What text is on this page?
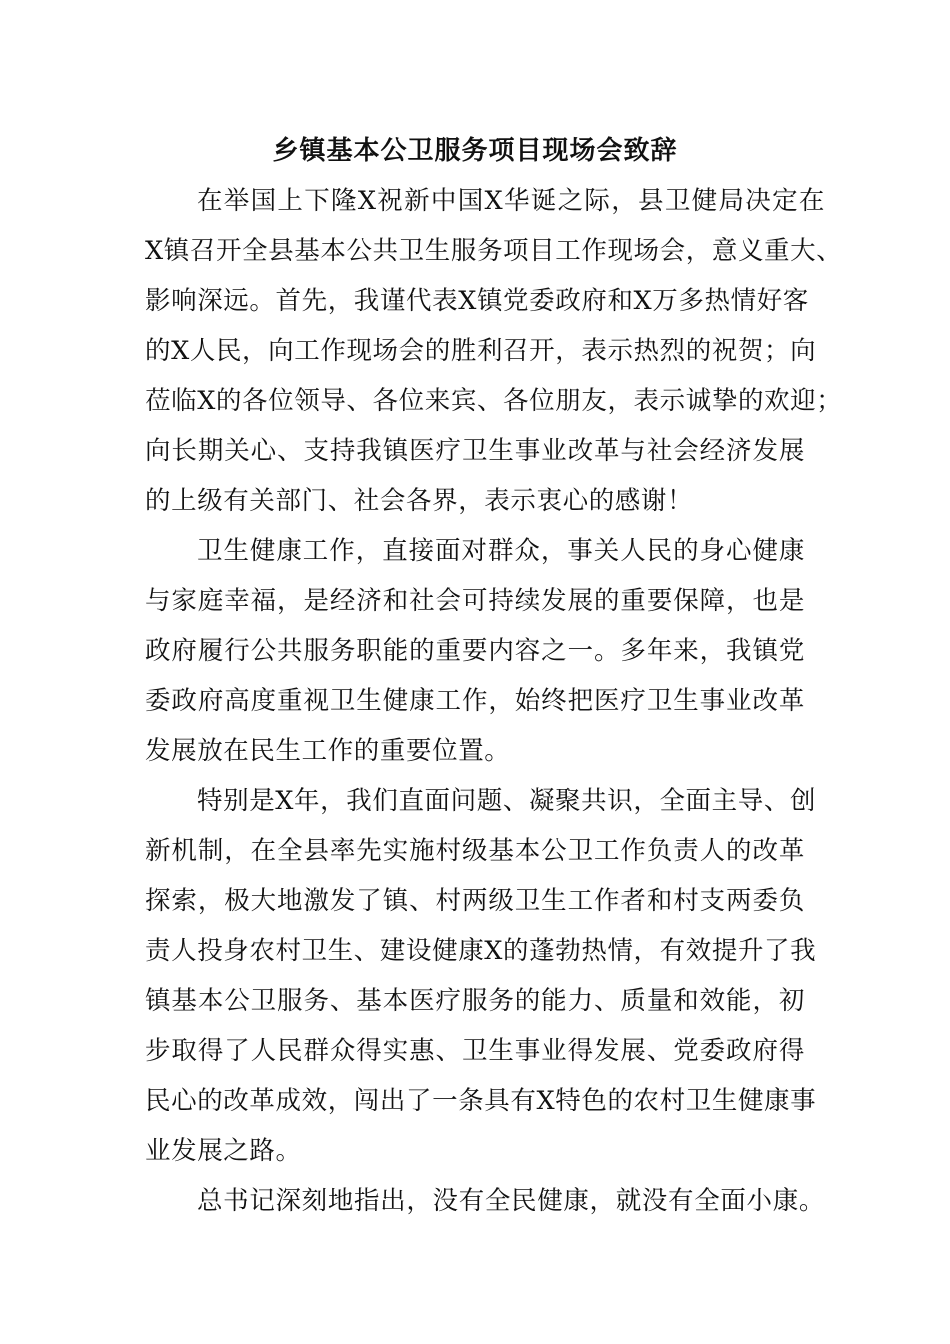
乡镇基本公卫服务项目现场会致辞
在举国上下隆X祝新中国X华诞之际，县卫健局决定在
X镇召开全县基本公共卫生服务项目工作现场会，意义重大、
影响深远。首先，我谨代表X镇党委政府和X万多热情好客
的X人民，向工作现场会的胜利召开，表示热烈的祝贺；向
莅临X的各位领导、各位来宾、各位朋友，表示诚挚的欢迎；
向长期关心、支持我镇医疗卫生事业改革与社会经济发展
的上级有关部门、社会各界，表示衷心的感谢！
卫生健康工作，直接面对群众，事关人民的身心健康
与家庭幸福，是经济和社会可持续发展的重要保障，也是
政府履行公共服务职能的重要内容之一。多年来，我镇党
委政府高度重视卫生健康工作，始终把医疗卫生事业改革
发展放在民生工作的重要位置。
特别是X年，我们直面问题、凝聚共识，全面主导、创
新机制，在全县率先实施村级基本公卫工作负责人的改革
探索，极大地激发了镇、村两级卫生工作者和村支两委负
责人投身农村卫生、建设健康X的蓬勃热情，有效提升了我
镇基本公卫服务、基本医疗服务的能力、质量和效能，初
步取得了人民群众得实惠、卫生事业得发展、党委政府得
民心的改革成效，闯出了一条具有X特色的农村卫生健康事
业发展之路。
总书记深刻地指出，没有全民健康，就没有全面小康。
